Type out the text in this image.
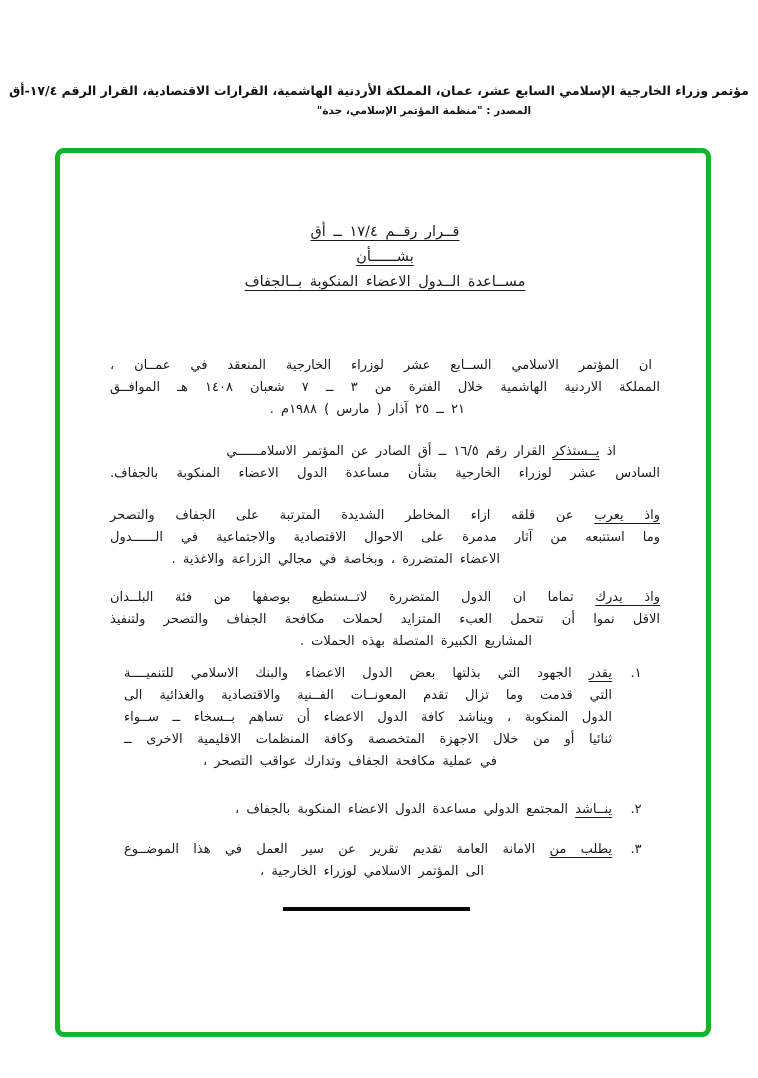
مؤتمر وزراء الخارجية الإسلامي السابع عشر، عمان، المملكة الأردنية الهاشمية، القرارات الاقتصادية، القرار الرقم ١٧/٤-أق
المصدر : "منظمة المؤتمر الإسلامي، جدة"
قــرار رقــم ١٧/٤ ــ أق
بشــــــأن
مســاعدة الــدول الاعضاء المنكوبة بــالجفاف
ان المؤتمر الاسلامي الســابع عشر لوزراء الخارجية المنعقد في عمــان ،
المملكة الاردنية الهاشمية خلال الفترة من ٣ ــ ٧ شعبان ١٤٠٨ هـ الموافــق
٢١ ــ ٢٥ آذار ( مارس ) ١٩٨٨م .
اذ يــستذكر القرار رقم ١٦/٥ ــ أق الصادر عن المؤتمر الاسلامــــــي
السادس عشر لوزراء الخارجية بشأن مساعدة الدول الاعضاء المنكوبة بالجفاف.
واذ يعرب عن قلقه ازاء المخاطر الشديدة المترتبة على الجفاف والتصحر
وما استتبعه من آثار مدمرة على الاحوال الاقتصادية والاجتماعية في الــــــدول
الاعضاء المتضررة ، وبخاصة في مجالي الزراعة والاغذية .
واذ يدرك تماما ان الدول المتضررة لاتــستطيع بوصفها من فئة البلــدان
الاقل نموا أن تتحمل العبء المتزايد لحملات مكافحة الجفاف والتصحر ولتنفيذ
المشاريع الكبيرة المتصلة بهذه الحملات .
١.
يقدر الجهود التي بذلتها بعض الدول الاعضاء والبنك الاسلامي للتنميــــة
التي قدمت وما تزال تقدم المعونــات الفــنية والاقتصادية والغذائية الى
الدول المنكوبة ، ويناشد كافة الدول الاعضاء أن تساهم بــسخاء ــ ســواء
ثنائيا أو من خلال الاجهزة المتخصصة وكافة المنظمات الاقليمية الاخرى ــ
في عملية مكافحة الجفاف وتدارك عواقب التصحر ،
٢.
ينــاشد المجتمع الدولي مساعدة الدول الاعضاء المنكوبة بالجفاف ،
٣.
يطلب من الامانة العامة تقديم تقرير عن سير العمل في هذا الموضــوع
الى المؤتمر الاسلامي لوزراء الخارجية ،
